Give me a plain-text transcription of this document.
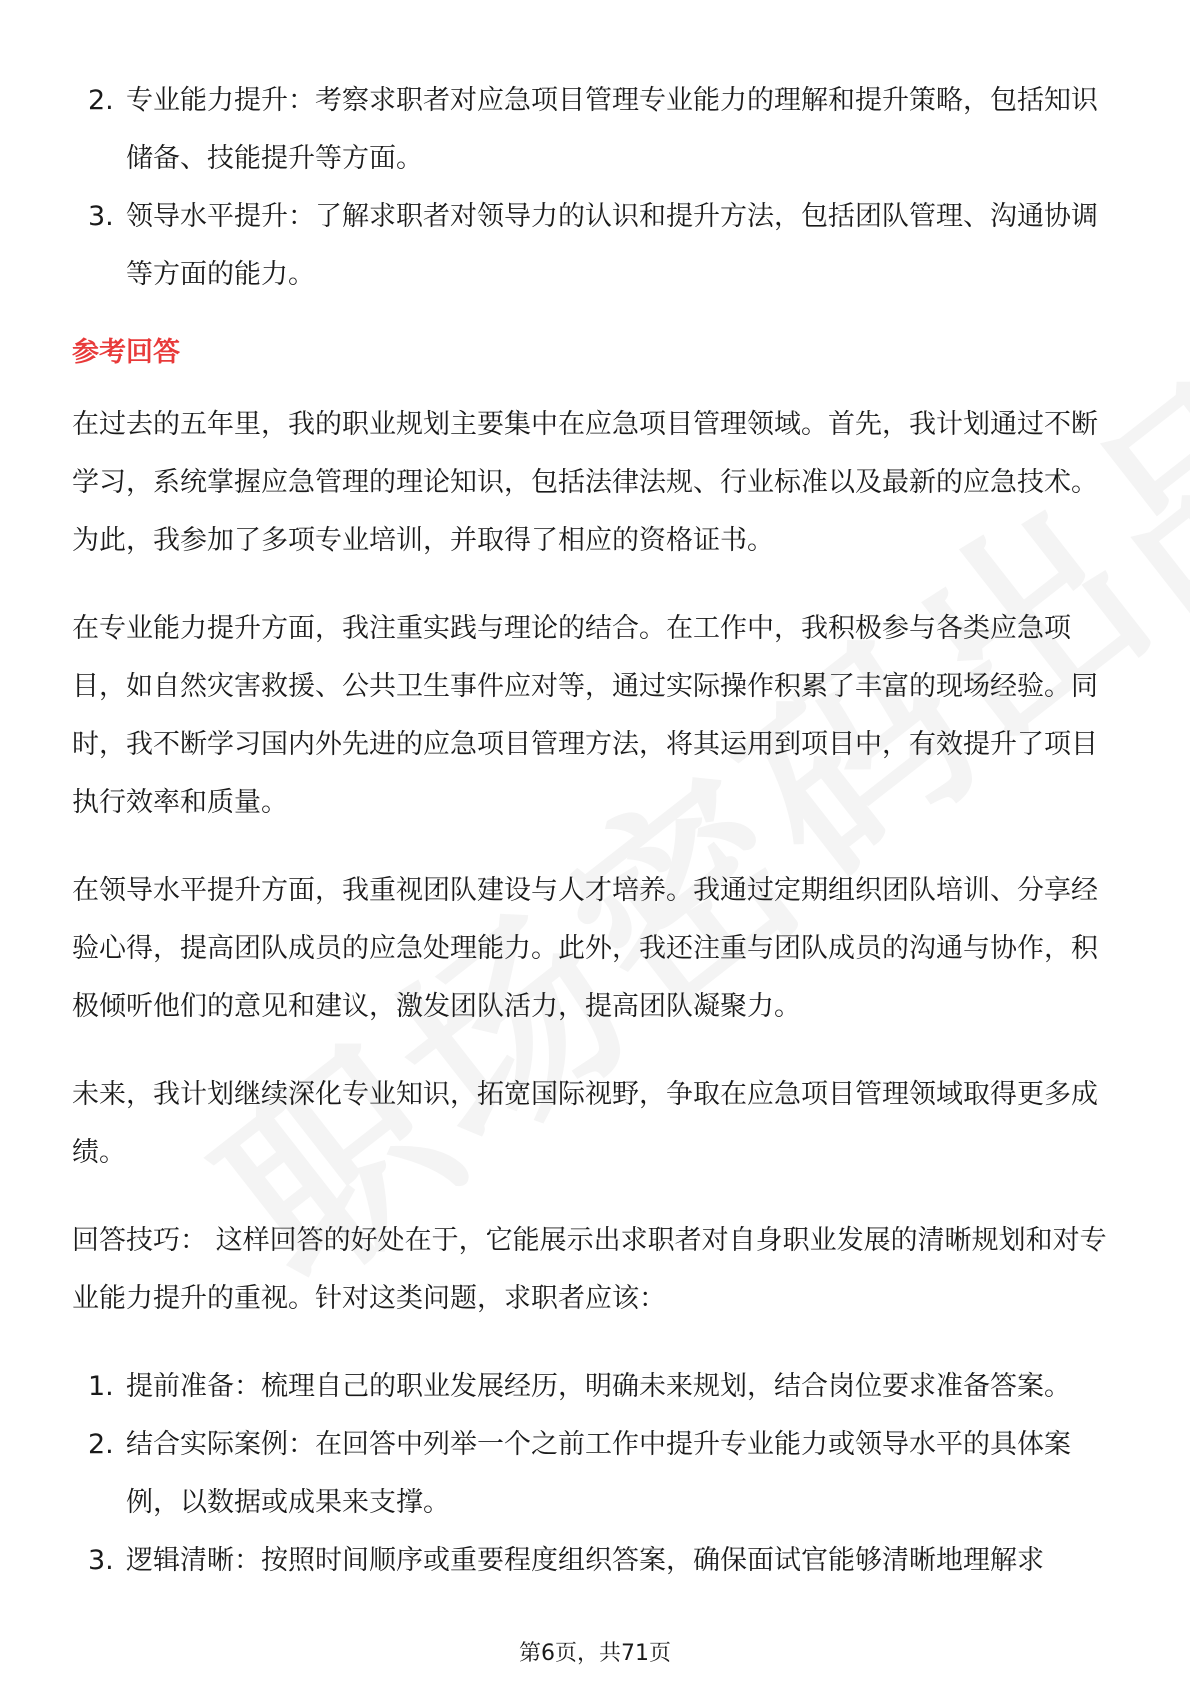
2. 专业能力提升：考察求职者对应急项目管理专业能力的理解和提升策略，包括知识储备、技能提升等方面。
3. 领导水平提升：了解求职者对领导力的认识和提升方法，包括团队管理、沟通协调等方面的能力。
参考回答

在过去的五年里，我的职业规划主要集中在应急项目管理领域。首先，我计划通过不断学习，系统掌握应急管理的理论知识，包括法律法规、行业标准以及最新的应急技术。为此，我参加了多项专业培训，并取得了相应的资格证书。

在专业能力提升方面，我注重实践与理论的结合。在工作中，我积极参与各类应急项目，如自然灾害救援、公共卫生事件应对等，通过实际操作积累了丰富的现场经验。同时，我不断学习国内外先进的应急项目管理方法，将其运用到项目中，有效提升了项目执行效率和质量。

在领导水平提升方面，我重视团队建设与人才培养。我通过定期组织团队培训、分享经验心得，提高团队成员的应急处理能力。此外，我还注重与团队成员的沟通与协作，积极倾听他们的意见和建议，激发团队活力，提高团队凝聚力。

未来，我计划继续深化专业知识，拓宽国际视野，争取在应急项目管理领域取得更多成绩。

回答技巧： 这样回答的好处在于，它能展示出求职者对自身职业发展的清晰规划和对专业能力提升的重视。针对这类问题，求职者应该：

1. 提前准备：梳理自己的职业发展经历，明确未来规划，结合岗位要求准备答案。
2. 结合实际案例：在回答中列举一个之前工作中提升专业能力或领导水平的具体案例，以数据或成果来支撑。
3. 逻辑清晰：按照时间顺序或重要程度组织答案，确保面试官能够清晰地理解求
第6页，共71页
